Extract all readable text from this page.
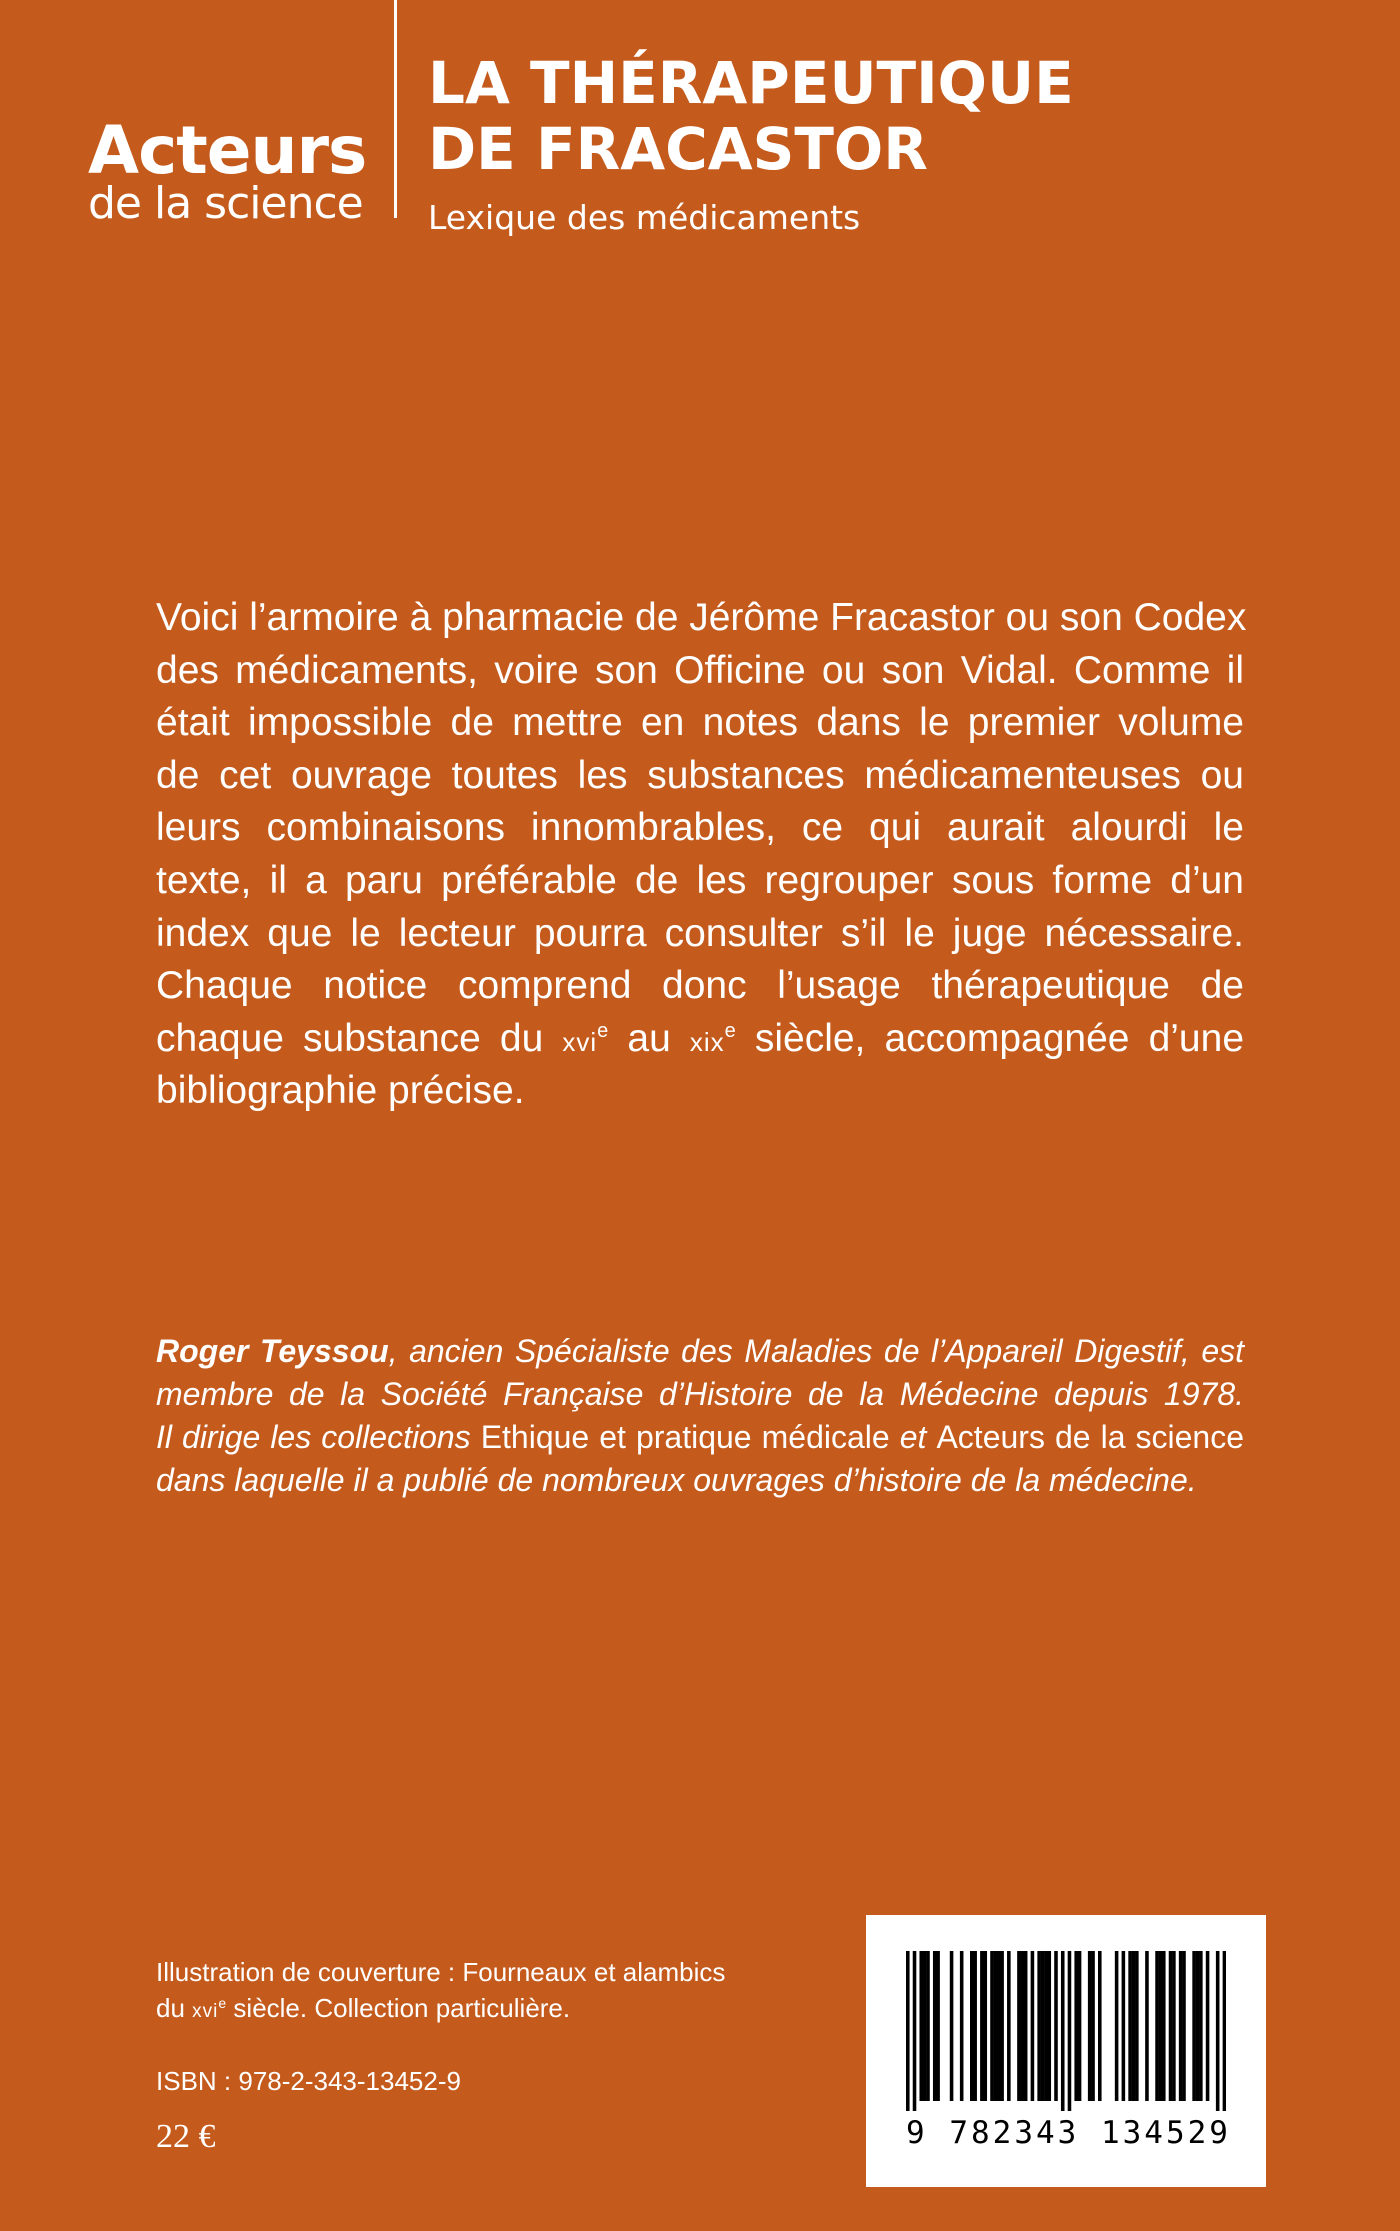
Acteurs
de la science
LA THÉRAPEUTIQUE
DE FRACASTOR
Lexique des médicaments
Voici l’armoire à pharmacie de Jérôme Fracastor ou son Codex
des médicaments, voire son Officine ou son Vidal. Comme il
était impossible de mettre en notes dans le premier volume
de cet ouvrage toutes les substances médicamenteuses ou
leurs combinaisons innombrables, ce qui aurait alourdi le
texte, il a paru préférable de les regrouper sous forme d’un
index que le lecteur pourra consulter s’il le juge nécessaire.
Chaque notice comprend donc l’usage thérapeutique de
chaque substance du xvi$^e$ au xix$^e$ siècle, accompagnée d’une
bibliographie précise.
Roger Teyssou, ancien Spécialiste des Maladies de l’Appareil Digestif, est
membre de la Société Française d’Histoire de la Médecine depuis 1978.
Il dirige les collections Ethique et pratique médicale et Acteurs de la science
dans laquelle il a publié de nombreux ouvrages d’histoire de la médecine.
Illustration de couverture : Fourneaux et alambics
du xvi$^e$ siècle. Collection particulière.
ISBN : 978-2-343-13452-9
22 €	9 782343 134529
